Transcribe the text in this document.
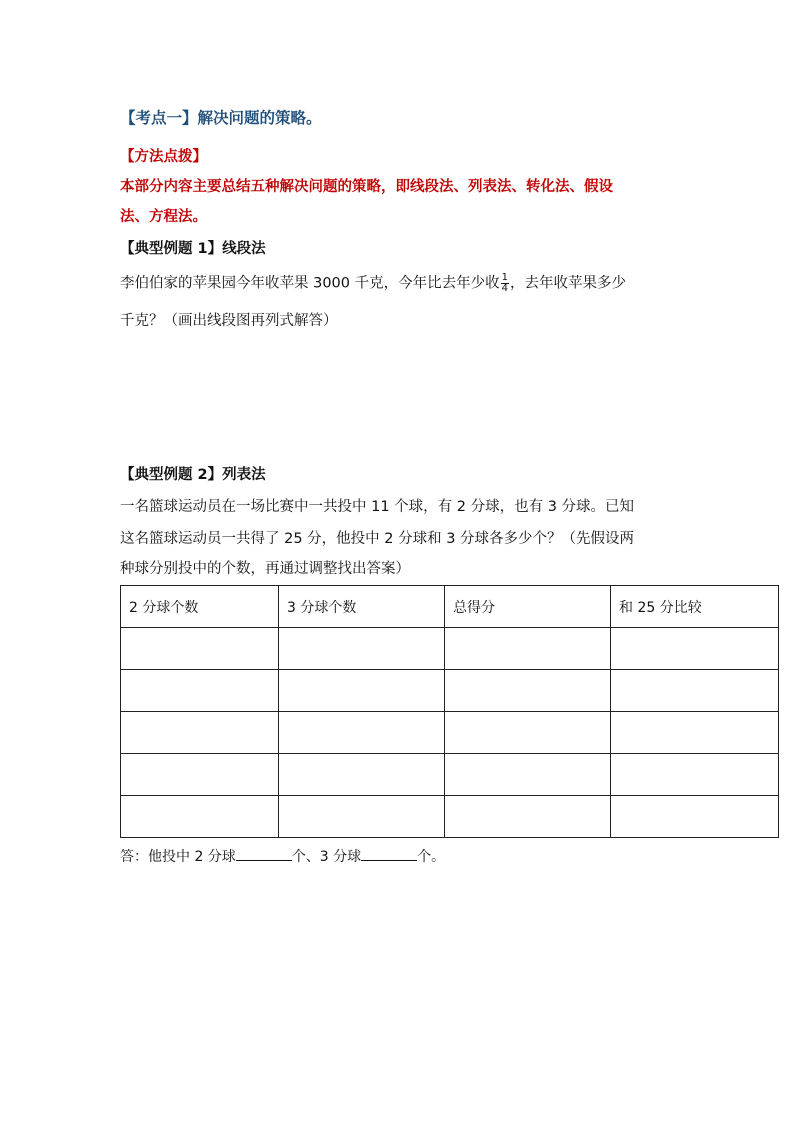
【考点一】解决问题的策略。
【方法点拨】
本部分内容主要总结五种解决问题的策略，即线段法、列表法、转化法、假设
法、方程法。
【典型例题 1】线段法
李伯伯家的苹果园今年收苹果 3000 千克，今年比去年少收 $\frac{1}{4}$ ，去年收苹果多少
千克？（画出线段图再列式解答）
【典型例题 2】列表法
一名篮球运动员在一场比赛中一共投中 11 个球，有 2 分球，也有 3 分球。已知
这名篮球运动员一共得了 25 分，他投中 2 分球和 3 分球各多少个？（先假设两
种球分别投中的个数，再通过调整找出答案）
2 分球个数	3 分球个数	总得分	和 25 分比较

答：他投中 2 分球	个、3 分球	个。
